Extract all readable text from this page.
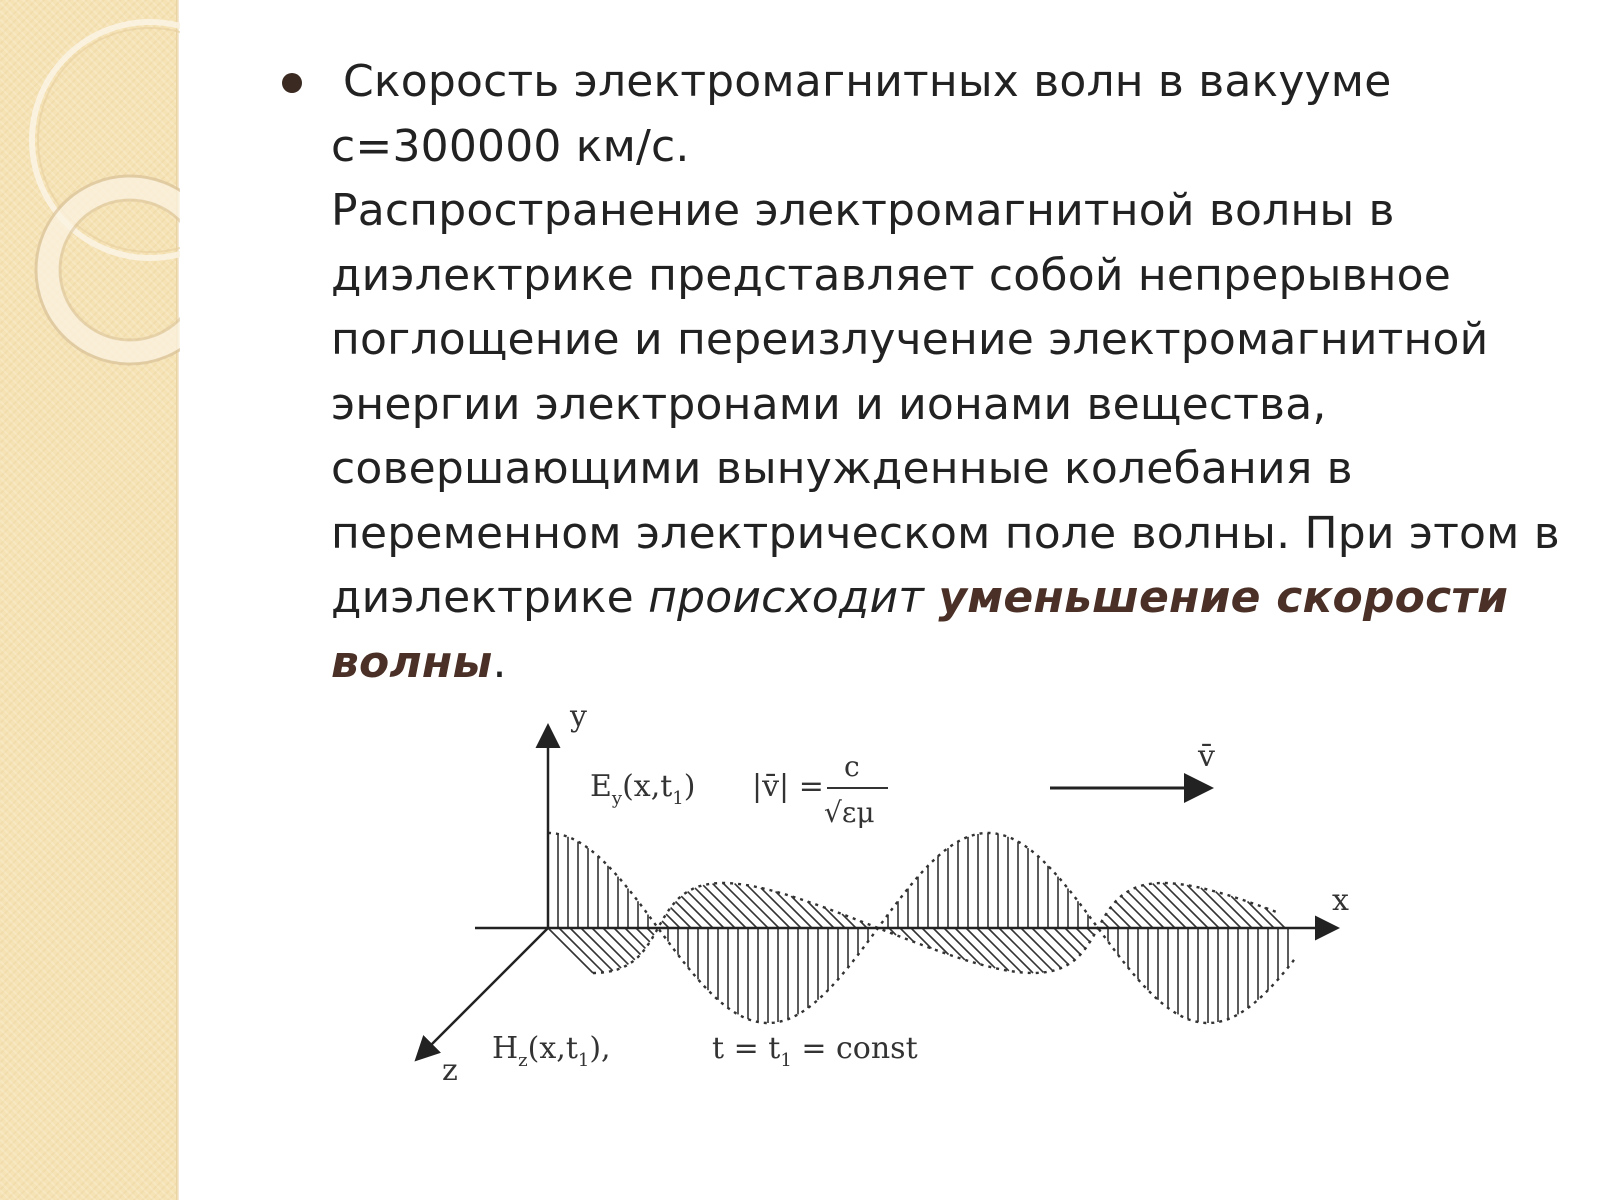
Скорость электромагнитных волн в вакууме
с=300000 км/с.
Распространение электромагнитной волны в
диэлектрике представляет собой непрерывное
поглощение и переизлучение электромагнитной
энергии электронами и ионами вещества,
совершающими вынужденные колебания в
переменном электрическом поле волны. При этом в
диэлектрике происходит уменьшение скорости
волны.
y
x
z
$E_y(x,t_1)$ |v̄| =
c
√εμ
v̄
$H_z(x,t_1)$,	$t = t_1$ = const
